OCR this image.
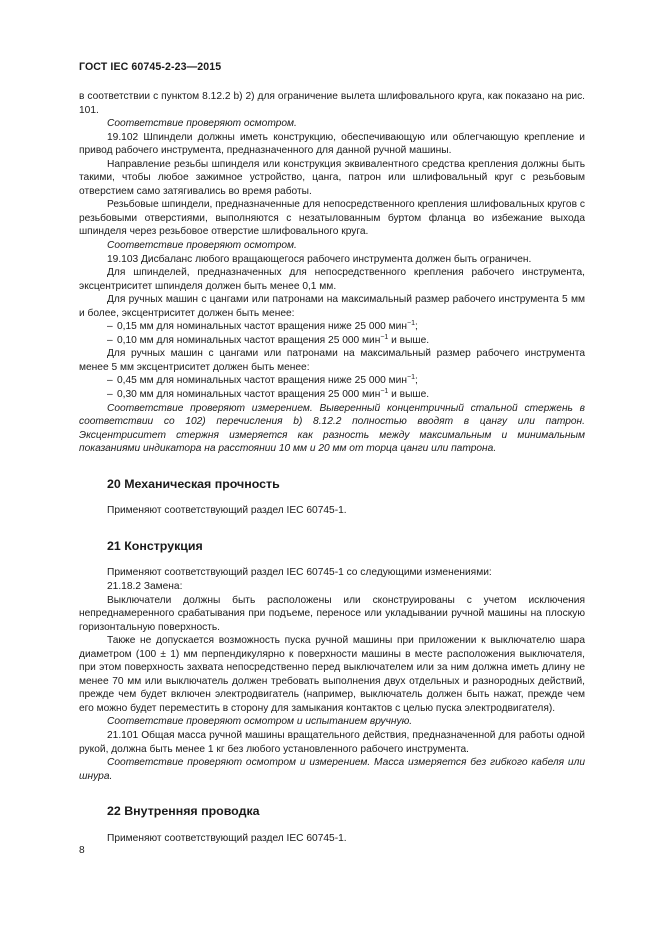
ГОСТ IEC 60745-2-23—2015

в соответствии с пунктом 8.12.2 b) 2) для ограничение вылета шлифовального круга, как показано на рис. 101.

Соответствие проверяют осмотром.

19.102 Шпиндели должны иметь конструкцию, обеспечивающую или облегчающую крепление и привод рабочего инструмента, предназначенного для данной ручной машины.

Направление резьбы шпинделя или конструкция эквивалентного средства крепления должны быть такими, чтобы любое зажимное устройство, цанга, патрон или шлифовальный круг с резьбовым отверстием само затягивались во время работы.

Резьбовые шпиндели, предназначенные для непосредственного крепления шлифовальных кругов с резьбовыми отверстиями, выполняются с незатылованным буртом фланца во избежание выхода шпинделя через резьбовое отверстие шлифовального круга.

Соответствие проверяют осмотром.

19.103 Дисбаланс любого вращающегося рабочего инструмента должен быть ограничен.

Для шпинделей, предназначенных для непосредственного крепления рабочего инструмента, эксцентриситет шпинделя должен быть менее 0,1 мм.

Для ручных машин с цангами или патронами на максимальный размер рабочего инструмента 5 мм и более, эксцентриситет должен быть менее:

– 0,15 мм для номинальных частот вращения ниже 25 000 мин$^{-1}$;

– 0,10 мм для номинальных частот вращения 25 000 мин$^{-1}$ и выше.

Для ручных машин с цангами или патронами на максимальный размер рабочего инструмента менее 5 мм эксцентриситет должен быть менее:

– 0,45 мм для номинальных частот вращения ниже 25 000 мин$^{-1}$;

– 0,30 мм для номинальных частот вращения 25 000 мин$^{-1}$ и выше.

Соответствие проверяют измерением. Выверенный концентричный стальной стержень в соответствии со 102) перечисления b) 8.12.2 полностью вводят в цангу или патрон. Эксцентриситет стержня измеряется как разность между максимальным и минимальным показаниями индикатора на расстоянии 10 мм и 20 мм от торца цанги или патрона.

20 Механическая прочность

Применяют соответствующий раздел IEC 60745-1.

21 Конструкция

Применяют соответствующий раздел IEC 60745-1 со следующими изменениями:

21.18.2 Замена:

Выключатели должны быть расположены или сконструированы с учетом исключения непреднамеренного срабатывания при подъеме, переносе или укладывании ручной машины на плоскую горизонтальную поверхность.

Также не допускается возможность пуска ручной машины при приложении к выключателю шара диаметром (100 ± 1) мм перпендикулярно к поверхности машины в месте расположения выключателя, при этом поверхность захвата непосредственно перед выключателем или за ним должна иметь длину не менее 70 мм или выключатель должен требовать выполнения двух отдельных и разнородных действий, прежде чем будет включен электродвигатель (например, выключатель должен быть нажат, прежде чем его можно будет переместить в сторону для замыкания контактов с целью пуска электродвигателя).

Соответствие проверяют осмотром и испытанием вручную.

21.101 Общая масса ручной машины вращательного действия, предназначенной для работы одной рукой, должна быть менее 1 кг без любого установленного рабочего инструмента.

Соответствие проверяют осмотром и измерением. Масса измеряется без гибкого кабеля или шнура.

22 Внутренняя проводка

Применяют соответствующий раздел IEC 60745-1.

8
